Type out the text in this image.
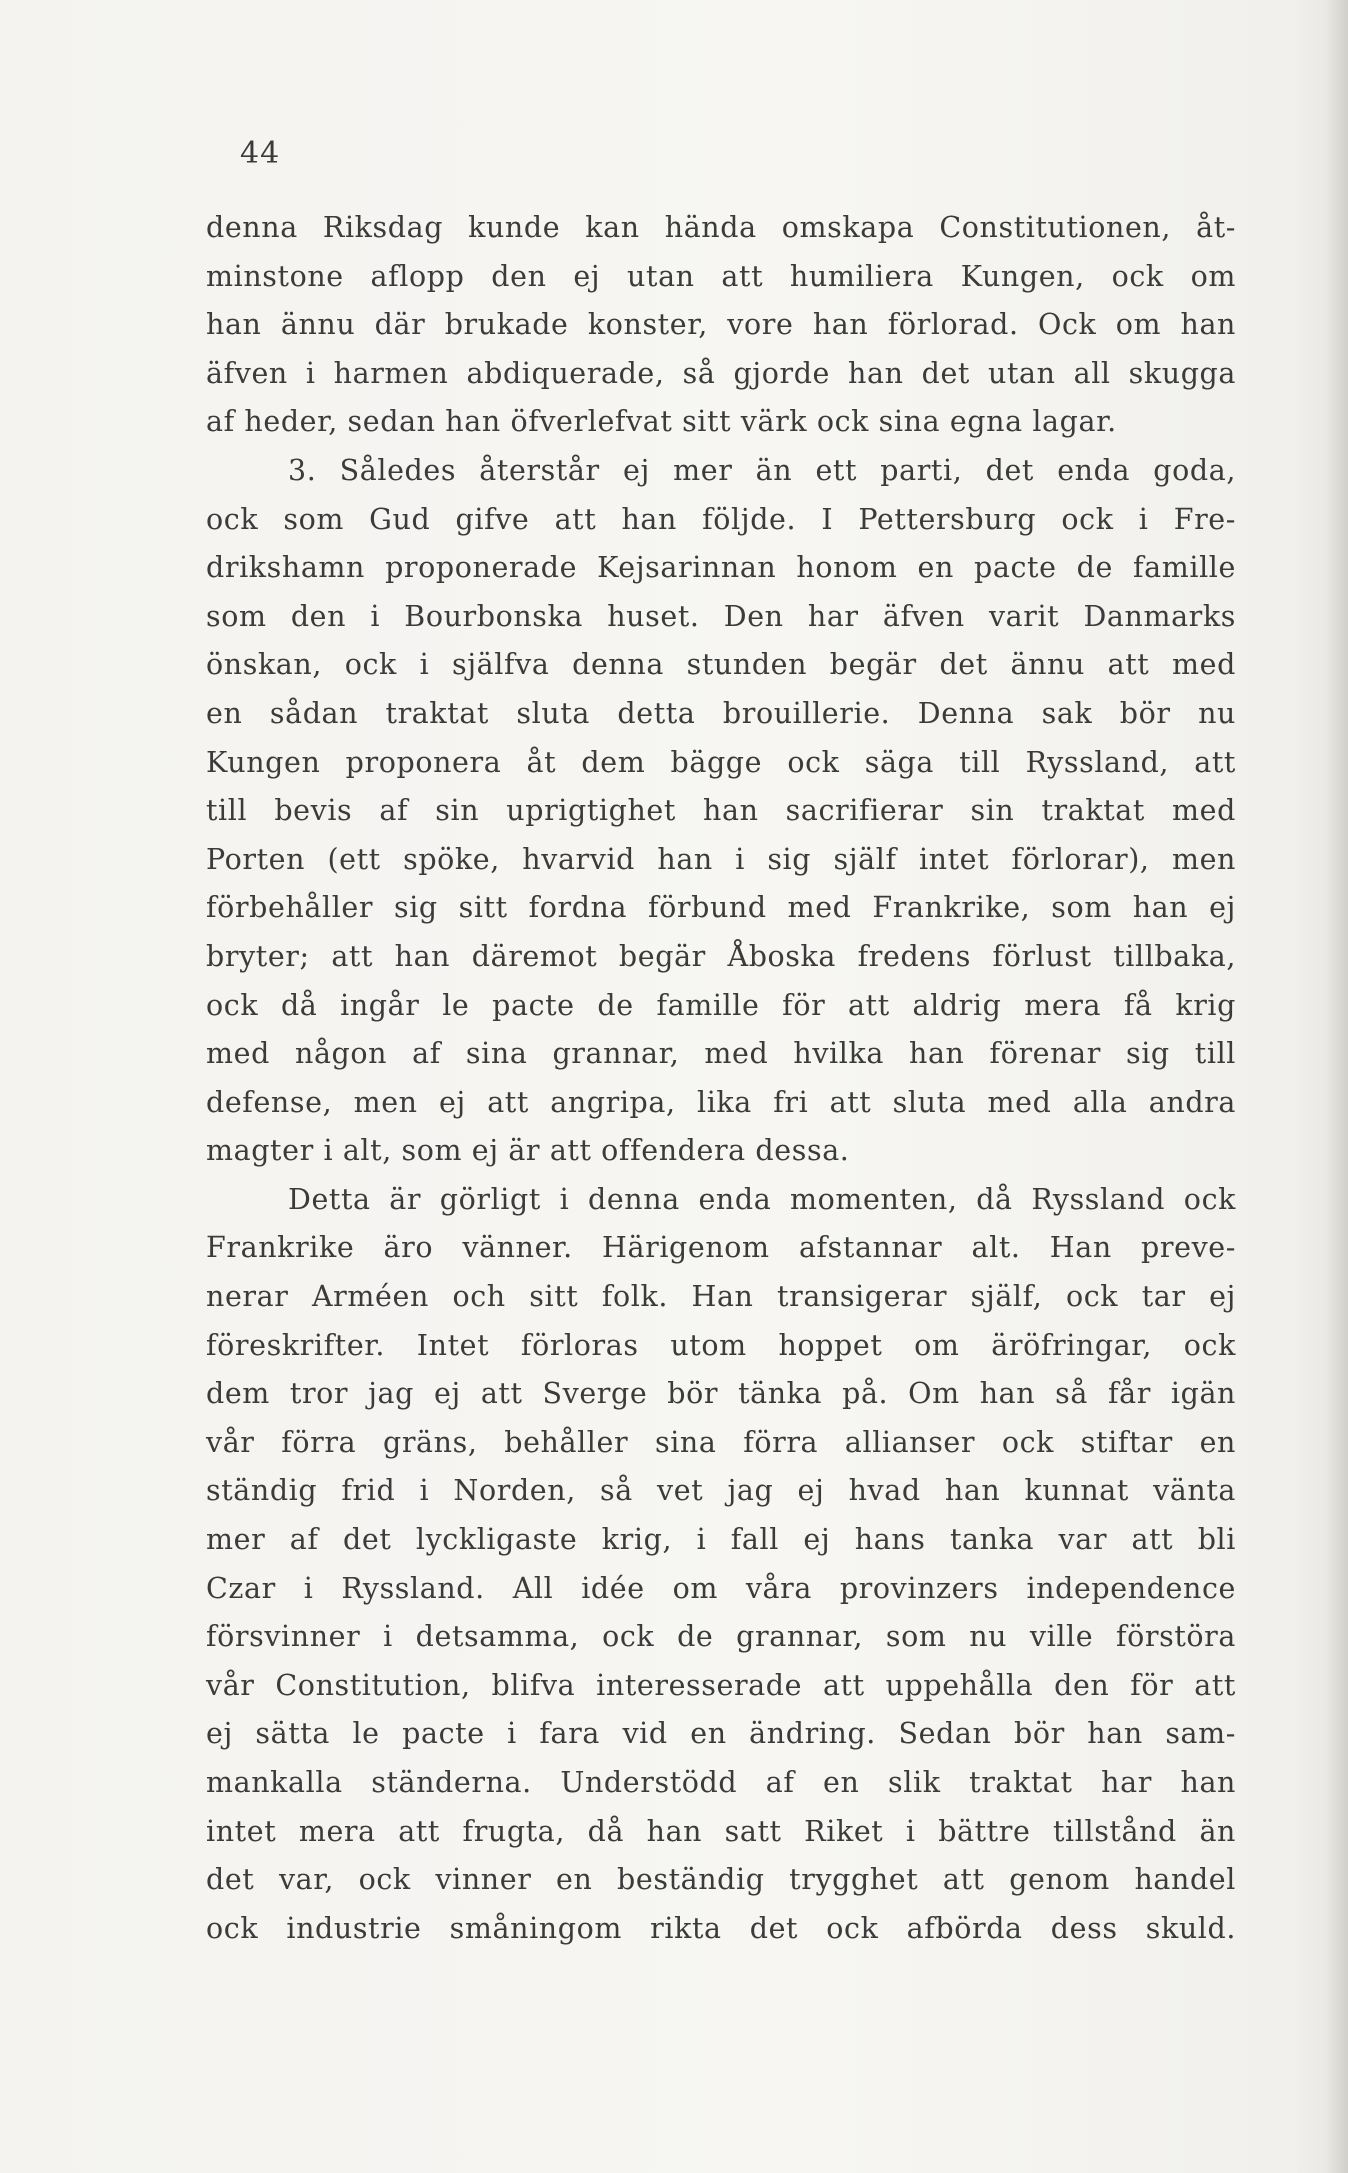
44
denna Riksdag kunde kan hända omskapa Constitutionen, åt-
minstone aflopp den ej utan att humiliera Kungen, ock om
han ännu där brukade konster, vore han förlorad. Ock om han
äfven i harmen abdiquerade, så gjorde han det utan all skugga
af heder, sedan han öfverlefvat sitt värk ock sina egna lagar.
3. Således återstår ej mer än ett parti, det enda goda,
ock som Gud gifve att han följde. I Pettersburg ock i Fre-
drikshamn proponerade Kejsarinnan honom en pacte de famille
som den i Bourbonska huset. Den har äfven varit Danmarks
önskan, ock i själfva denna stunden begär det ännu att med
en sådan traktat sluta detta brouillerie. Denna sak bör nu
Kungen proponera åt dem bägge ock säga till Ryssland, att
till bevis af sin uprigtighet han sacrifierar sin traktat med
Porten (ett spöke, hvarvid han i sig själf intet förlorar), men
förbehåller sig sitt fordna förbund med Frankrike, som han ej
bryter; att han däremot begär Åboska fredens förlust tillbaka,
ock då ingår le pacte de famille för att aldrig mera få krig
med någon af sina grannar, med hvilka han förenar sig till
defense, men ej att angripa, lika fri att sluta med alla andra
magter i alt, som ej är att offendera dessa.
Detta är görligt i denna enda momenten, då Ryssland ock
Frankrike äro vänner. Härigenom afstannar alt. Han preve-
nerar Arméen och sitt folk. Han transigerar själf, ock tar ej
föreskrifter. Intet förloras utom hoppet om äröfringar, ock
dem tror jag ej att Sverge bör tänka på. Om han så får igän
vår förra gräns, behåller sina förra allianser ock stiftar en
ständig frid i Norden, så vet jag ej hvad han kunnat vänta
mer af det lyckligaste krig, i fall ej hans tanka var att bli
Czar i Ryssland. All idée om våra provinzers independence
försvinner i detsamma, ock de grannar, som nu ville förstöra
vår Constitution, blifva interesserade att uppehålla den för att
ej sätta le pacte i fara vid en ändring. Sedan bör han sam-
mankalla ständerna. Understödd af en slik traktat har han
intet mera att frugta, då han satt Riket i bättre tillstånd än
det var, ock vinner en beständig trygghet att genom handel
ock industrie småningom rikta det ock afbörda dess skuld.
